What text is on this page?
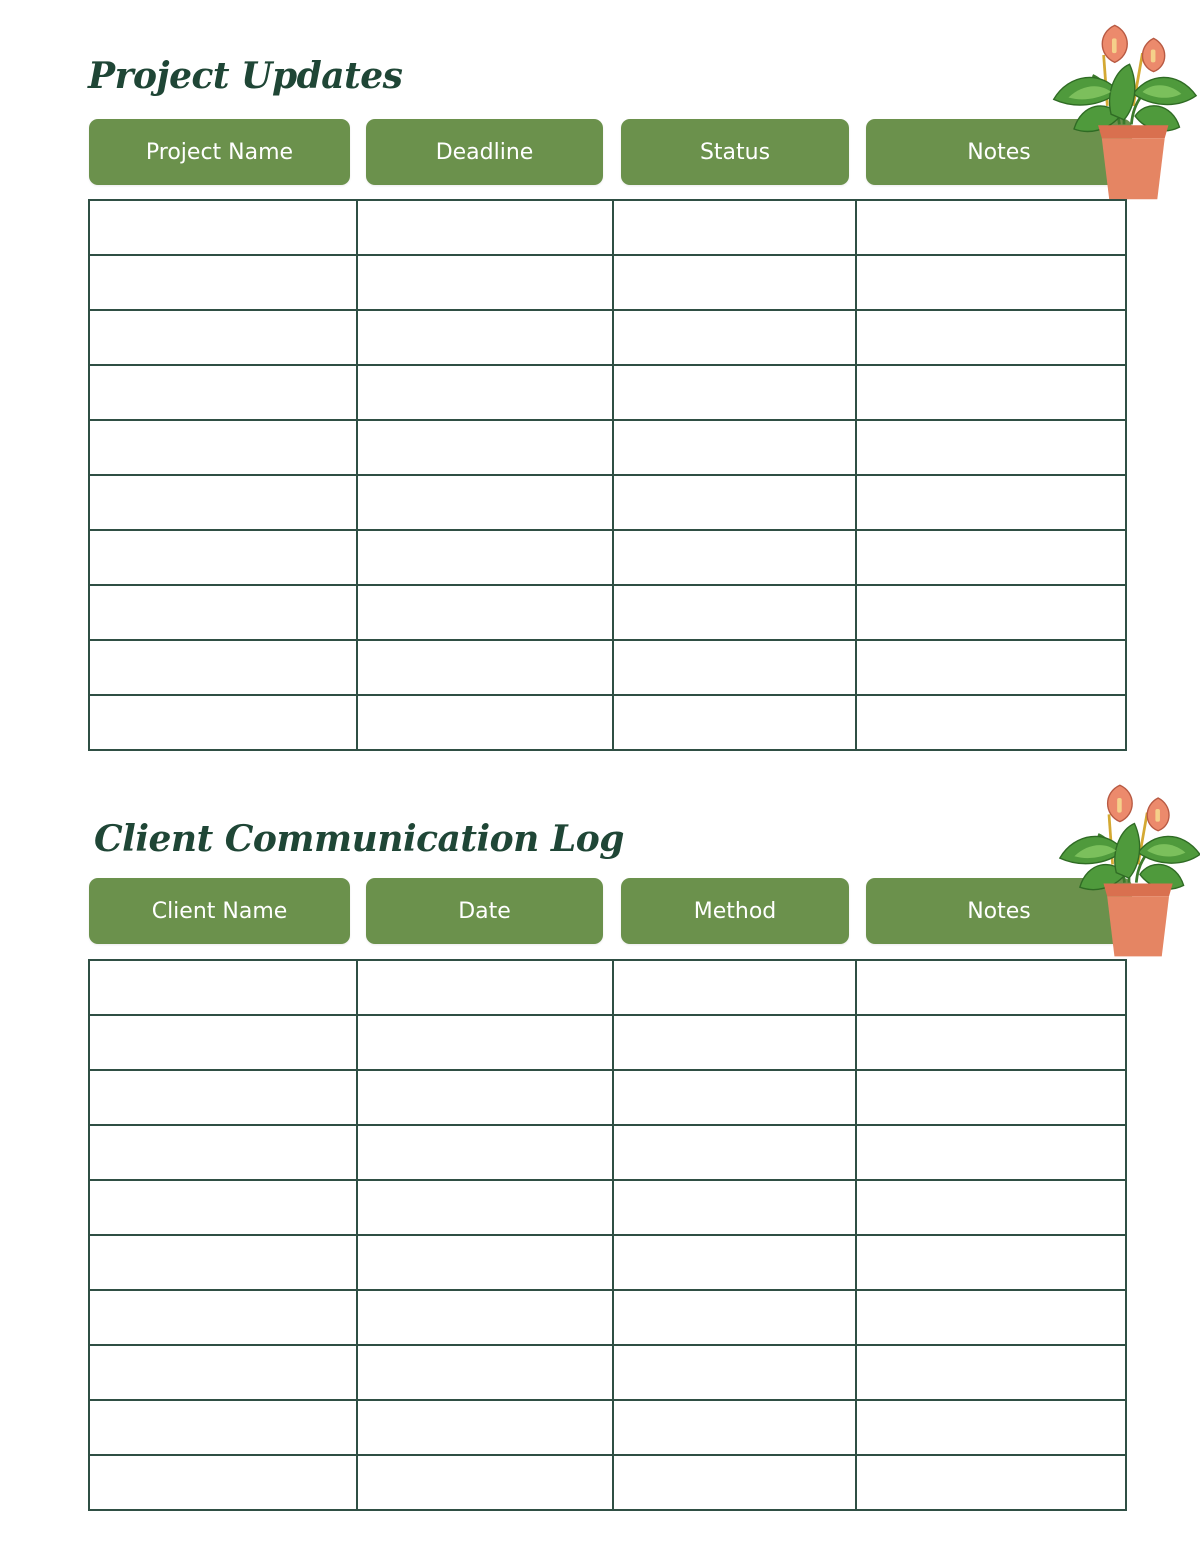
Project Updates
Project Name	Deadline	Status	Notes

Client Communication Log
Client Name	Date	Method	Notes
